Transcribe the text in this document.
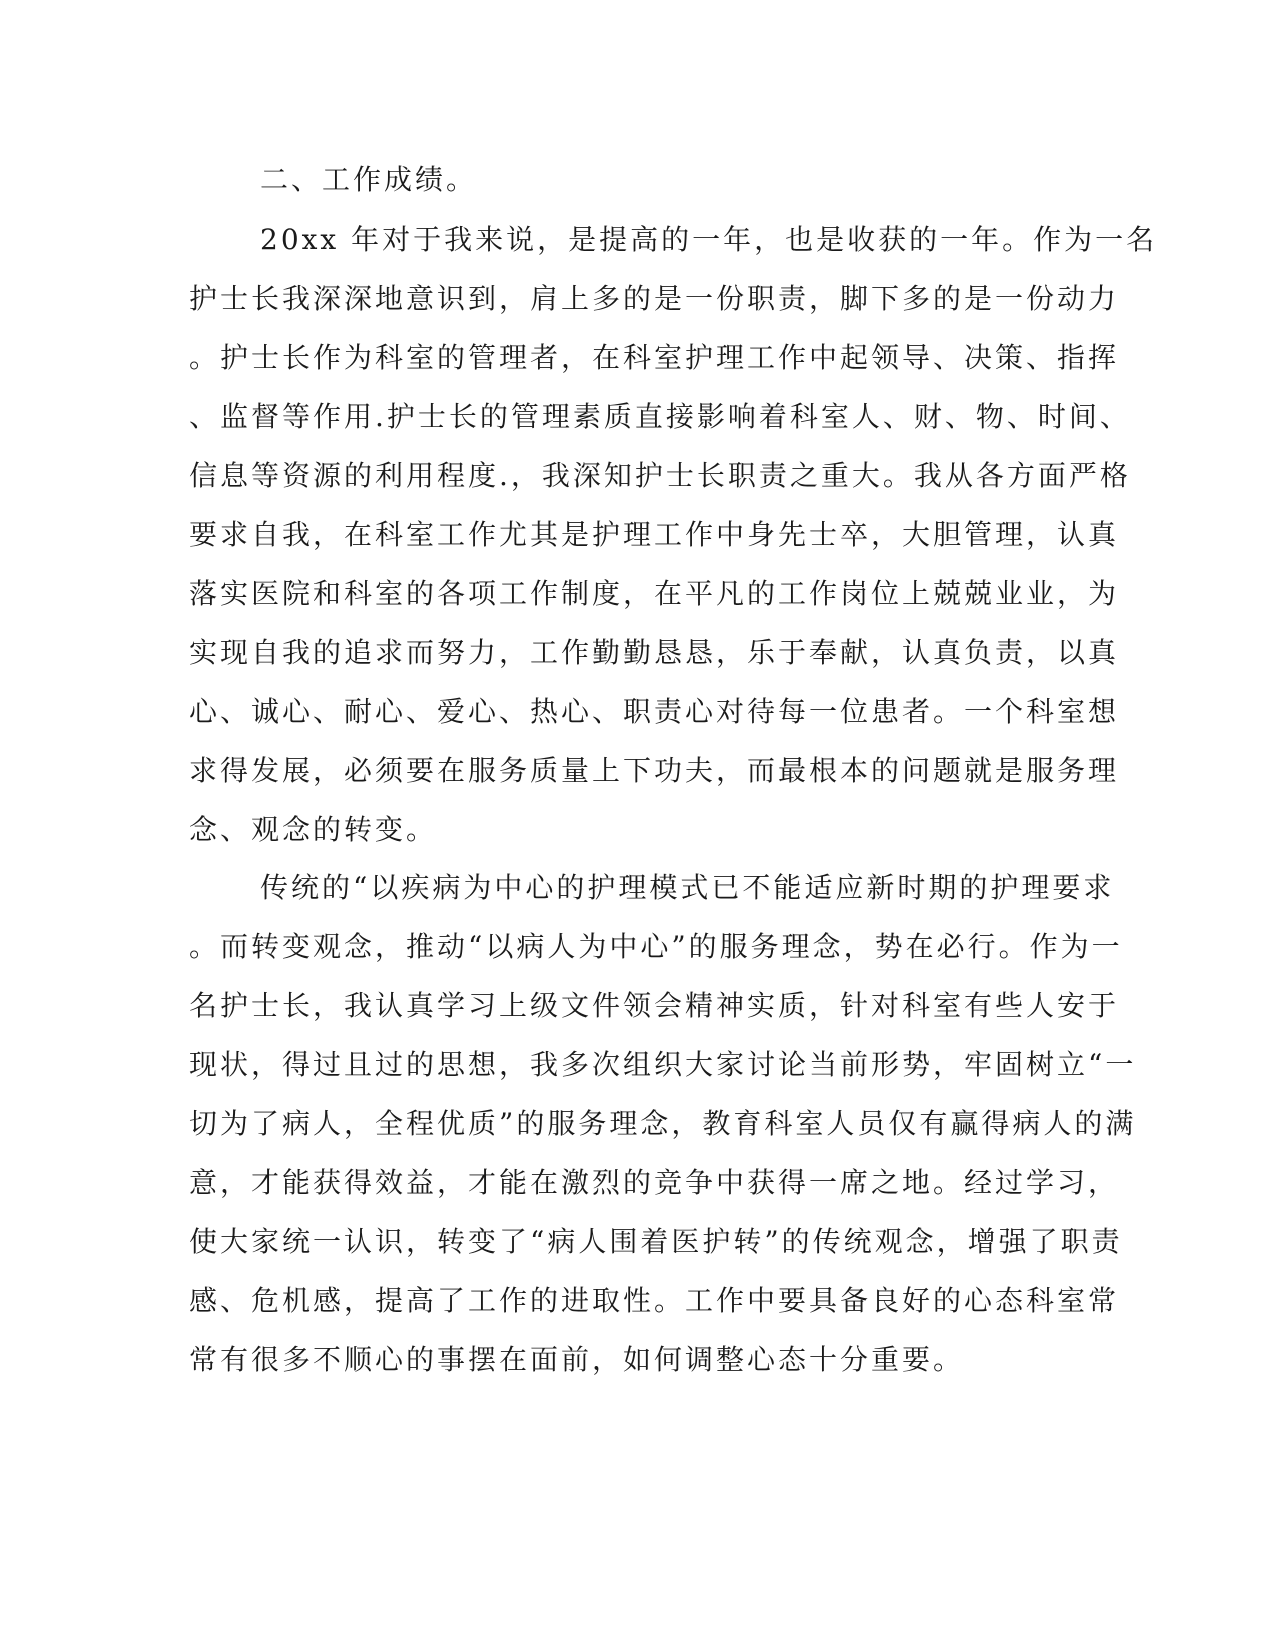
二、工作成绩。

20xx 年对于我来说，是提高的一年，也是收获的一年。作为一名

护士长我深深地意识到，肩上多的是一份职责，脚下多的是一份动力

。护士长作为科室的管理者，在科室护理工作中起领导、决策、指挥

、监督等作用.护士长的管理素质直接影响着科室人、财、物、时间、

信息等资源的利用程度.，我深知护士长职责之重大。我从各方面严格

要求自我，在科室工作尤其是护理工作中身先士卒，大胆管理，认真

落实医院和科室的各项工作制度，在平凡的工作岗位上兢兢业业，为

实现自我的追求而努力，工作勤勤恳恳，乐于奉献，认真负责，以真

心、诚心、耐心、爱心、热心、职责心对待每一位患者。一个科室想

求得发展，必须要在服务质量上下功夫，而最根本的问题就是服务理

念、观念的转变。

传统的“以疾病为中心的护理模式已不能适应新时期的护理要求

。而转变观念，推动“以病人为中心”的服务理念，势在必行。作为一

名护士长，我认真学习上级文件领会精神实质，针对科室有些人安于

现状，得过且过的思想，我多次组织大家讨论当前形势，牢固树立“一

切为了病人，全程优质”的服务理念，教育科室人员仅有赢得病人的满

意，才能获得效益，才能在激烈的竞争中获得一席之地。经过学习，

使大家统一认识，转变了“病人围着医护转”的传统观念，增强了职责

感、危机感，提高了工作的进取性。工作中要具备良好的心态科室常

常有很多不顺心的事摆在面前，如何调整心态十分重要。
